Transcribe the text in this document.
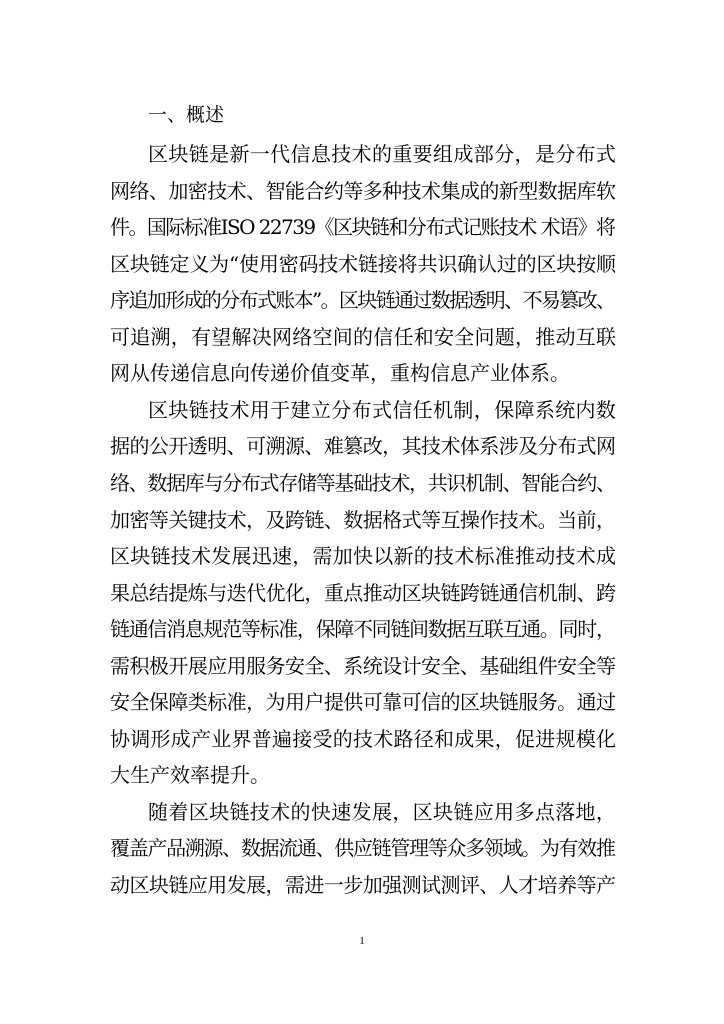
一、概述
区块链是新一代信息技术的重要组成部分，是分布式
网络、加密技术、智能合约等多种技术集成的新型数据库软
件。国际标准ISO 22739《区块链和分布式记账技术 术语》将
区块链定义为“使用密码技术链接将共识确认过的区块按顺
序追加形成的分布式账本”。区块链通过数据透明、不易篡改、
可追溯，有望解决网络空间的信任和安全问题，推动互联
网从传递信息向传递价值变革，重构信息产业体系。
区块链技术用于建立分布式信任机制，保障系统内数
据的公开透明、可溯源、难篡改，其技术体系涉及分布式网
络、数据库与分布式存储等基础技术，共识机制、智能合约、
加密等关键技术，及跨链、数据格式等互操作技术。当前，
区块链技术发展迅速，需加快以新的技术标准推动技术成
果总结提炼与迭代优化，重点推动区块链跨链通信机制、跨
链通信消息规范等标准，保障不同链间数据互联互通。同时，
需积极开展应用服务安全、系统设计安全、基础组件安全等
安全保障类标准，为用户提供可靠可信的区块链服务。通过
协调形成产业界普遍接受的技术路径和成果，促进规模化
大生产效率提升。
随着区块链技术的快速发展，区块链应用多点落地，
覆盖产品溯源、数据流通、供应链管理等众多领域。为有效推
动区块链应用发展，需进一步加强测试测评、人才培养等产
1
